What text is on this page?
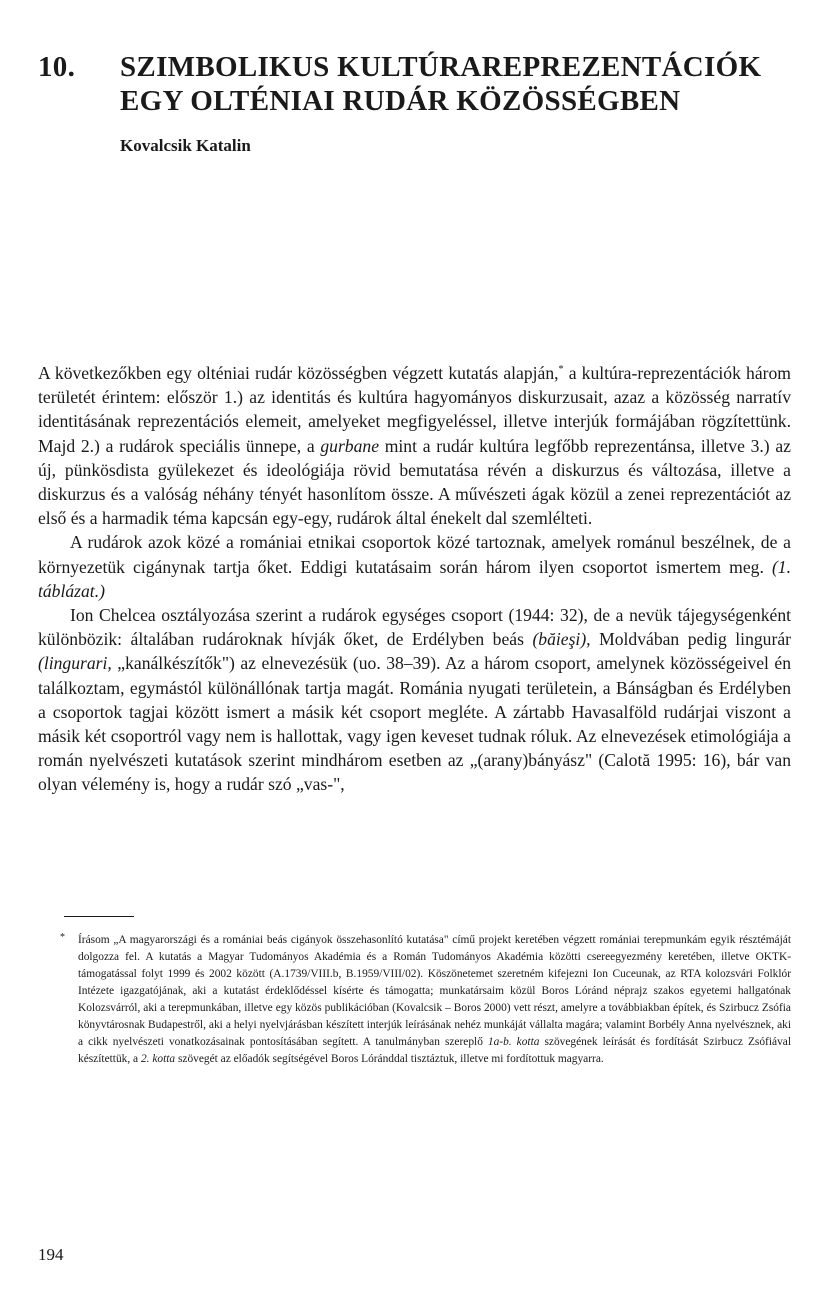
10. SZIMBOLIKUS KULTÚRAREPREZENTÁCIÓK
EGY OLTÉNIAI RUDÁR KÖZÖSSÉGBEN
Kovalcsik Katalin

A következőkben egy olténiai rudár közösségben végzett kutatás alapján,* a kultúra-reprezentációk három területét érintem: először 1.) az identitás és kultúra hagyományos diskurzusait, azaz a közösség narratív identitásának reprezentációs elemeit, amelyeket megfigyeléssel, illetve interjúk formájában rögzítettünk. Majd 2.) a rudárok speciális ünnepe, a gurbane mint a rudár kultúra legfőbb reprezentánsa, illetve 3.) az új, pünkösdista gyülekezet és ideológiája rövid bemutatása révén a diskurzus és változása, illetve a diskurzus és a valóság néhány tényét hasonlítom össze. A művészeti ágak közül a zenei reprezentációt az első és a harmadik téma kapcsán egy-egy, rudárok által énekelt dal szemlélteti.

A rudárok azok közé a romániai etnikai csoportok közé tartoznak, amelyek románul beszélnek, de a környezetük cigánynak tartja őket. Eddigi kutatásaim során három ilyen csoportot ismertem meg. (1. táblázat.)

Ion Chelcea osztályozása szerint a rudárok egységes csoport (1944: 32), de a nevük tájegységenként különbözik: általában rudároknak hívják őket, de Erdélyben beás (băieşi), Moldvában pedig lingurár (lingurari, „kanálkészítők") az elnevezésük (uo. 38–39). Az a három csoport, amelynek közösségeivel én találkoztam, egymástól különállónak tartja magát. Románia nyugati területein, a Bánságban és Erdélyben a csoportok tagjai között ismert a másik két csoport megléte. A zártabb Havasalföld rudárjai viszont a másik két csoportról vagy nem is hallottak, vagy igen keveset tudnak róluk. Az elnevezések etimológiája a román nyelvészeti kutatások szerint mindhárom esetben az „(arany)bányász" (Calotă 1995: 16), bár van olyan vélemény is, hogy a rudár szó „vas-",

*	Írásom „A magyarországi és a romániai beás cigányok összehasonlító kutatása" című projekt keretében végzett romániai terepmunkám egyik résztémáját dolgozza fel. A kutatás a Magyar Tudományos Akadémia és a Román Tudományos Akadémia közötti csereegyezmény keretében, illetve OKTK-támogatással folyt 1999 és 2002 között (A.1739/VIII.b, B.1959/VIII/02). Köszönetemet szeretném kifejezni Ion Cuceunak, az RTA kolozsvári Folklór Intézete igazgatójának, aki a kutatást érdeklődéssel kísérte és támogatta; munkatársaim közül Boros Lóránd néprajz szakos egyetemi hallgatónak Kolozsvárról, aki a terepmunkában, illetve egy közös publikációban (Kovalcsik – Boros 2000) vett részt, amelyre a továbbiakban építek, és Szirbucz Zsófia könyvtárosnak Budapestről, aki a helyi nyelvjárásban készített interjúk leírásának nehéz munkáját vállalta magára; valamint Borbély Anna nyelvésznek, aki a cikk nyelvészeti vonatkozásainak pontosításában segített. A tanulmányban szereplő 1a-b. kotta szövegének leírását és fordítását Szirbucz Zsófiával készítettük, a 2. kotta szövegét az előadók segítségével Boros Lóránddal tisztáztuk, illetve mi fordítottuk magyarra.
194
